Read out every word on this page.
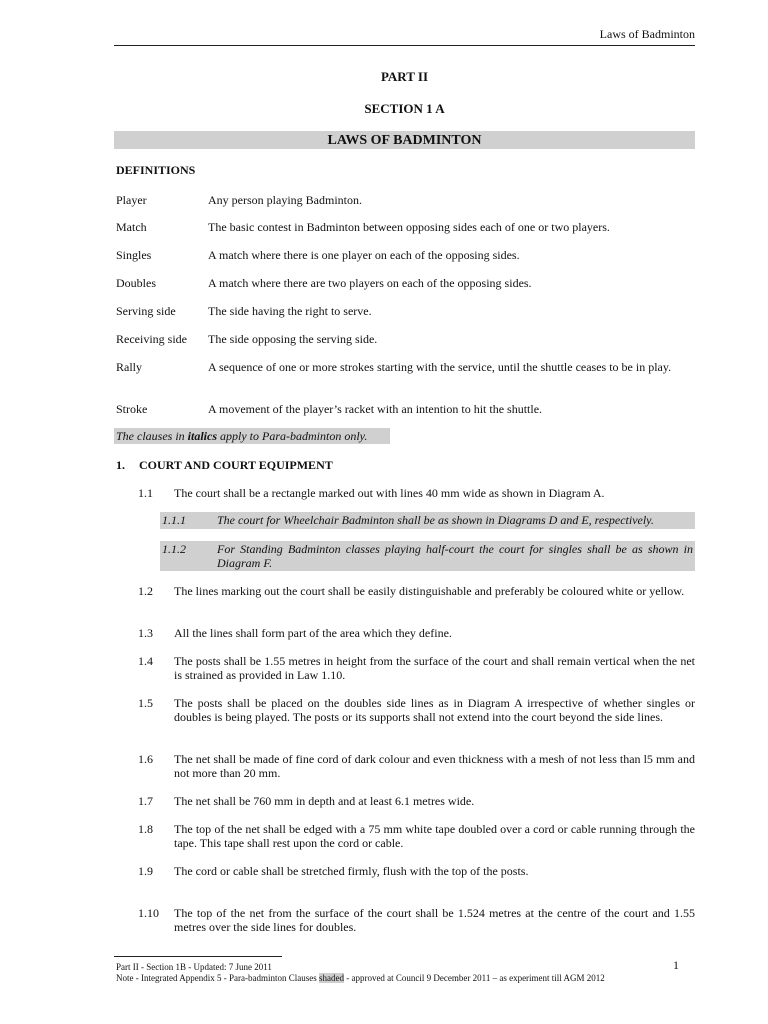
Laws of Badminton
PART II
SECTION 1 A
LAWS OF BADMINTON
DEFINITIONS
Player	Any person playing Badminton.
Match	The basic contest in Badminton between opposing sides each of one or two players.
Singles	A match where there is one player on each of the opposing sides.
Doubles	A match where there are two players on each of the opposing sides.
Serving side	The side having the right to serve.
Receiving side	The side opposing the serving side.
Rally	A sequence of one or more strokes starting with the service, until the shuttle ceases to be in play.
Stroke	A movement of the player’s racket with an intention to hit the shuttle.
The clauses in italics apply to Para-badminton only.
1. COURT AND COURT EQUIPMENT
1.1	The court shall be a rectangle marked out with lines 40 mm wide as shown in Diagram A.
1.1.1	The court for Wheelchair Badminton shall be as shown in Diagrams D and E, respectively.
1.1.2	For Standing Badminton classes playing half-court the court for singles shall be as shown in Diagram F.
1.2	The lines marking out the court shall be easily distinguishable and preferably be coloured white or yellow.
1.3	All the lines shall form part of the area which they define.
1.4	The posts shall be 1.55 metres in height from the surface of the court and shall remain vertical when the net is strained as provided in Law 1.10.
1.5	The posts shall be placed on the doubles side lines as in Diagram A irrespective of whether singles or doubles is being played. The posts or its supports shall not extend into the court beyond the side lines.
1.6	The net shall be made of fine cord of dark colour and even thickness with a mesh of not less than l5 mm and not more than 20 mm.
1.7	The net shall be 760 mm in depth and at least 6.1 metres wide.
1.8	The top of the net shall be edged with a 75 mm white tape doubled over a cord or cable running through the tape. This tape shall rest upon the cord or cable.
1.9	The cord or cable shall be stretched firmly, flush with the top of the posts.
1.10	The top of the net from the surface of the court shall be 1.524 metres at the centre of the court and 1.55 metres over the side lines for doubles.
Part II - Section 1B - Updated: 7 June 2011	1
Note - Integrated Appendix 5 - Para-badminton Clauses shaded - approved at Council 9 December 2011 – as experiment till AGM 2012
